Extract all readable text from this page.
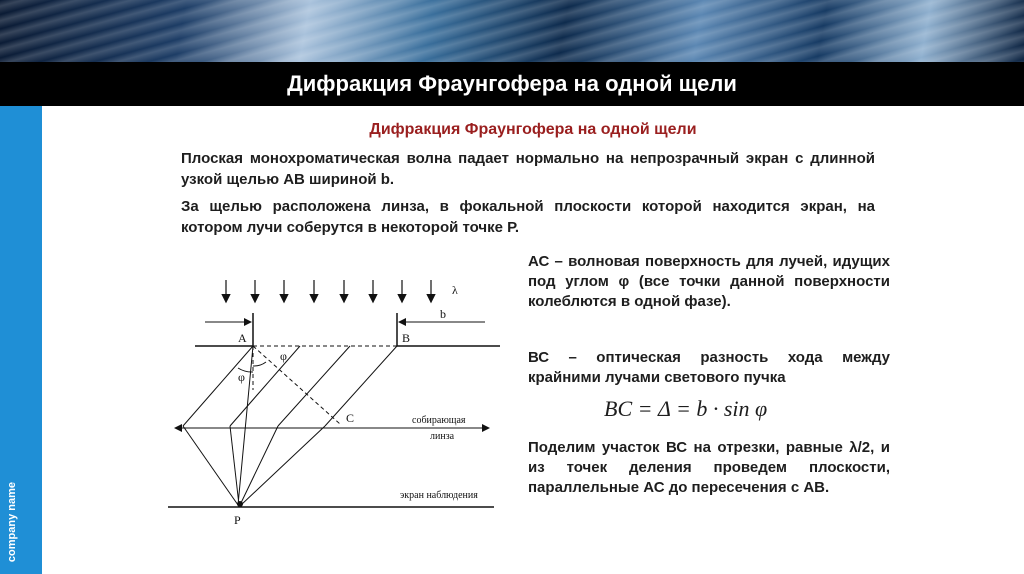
Дифракция Фраунгофера на одной щели
company name
Дифракция Фраунгофера на одной щели
Плоская монохроматическая волна падает нормально на непрозрачный экран с длинной узкой щелью АВ шириной b.
За щелью расположена линза, в фокальной плоскости которой находится экран, на котором лучи соберутся в некоторой точке Р.
АС – волновая поверхность для лучей, идущих под углом φ (все точки данной поверхности колеблются в одной фазе).
ВС – оптическая разность хода между крайними лучами светового пучка
BC = Δ = b · sin φ
Поделим участок ВС на отрезки, равные λ/2, и из точек деления проведем плоскости, параллельные АС до пересечения с АВ.
λ
b
A	B
φ
φ
C	собирающая
линза
экран наблюдения
P
